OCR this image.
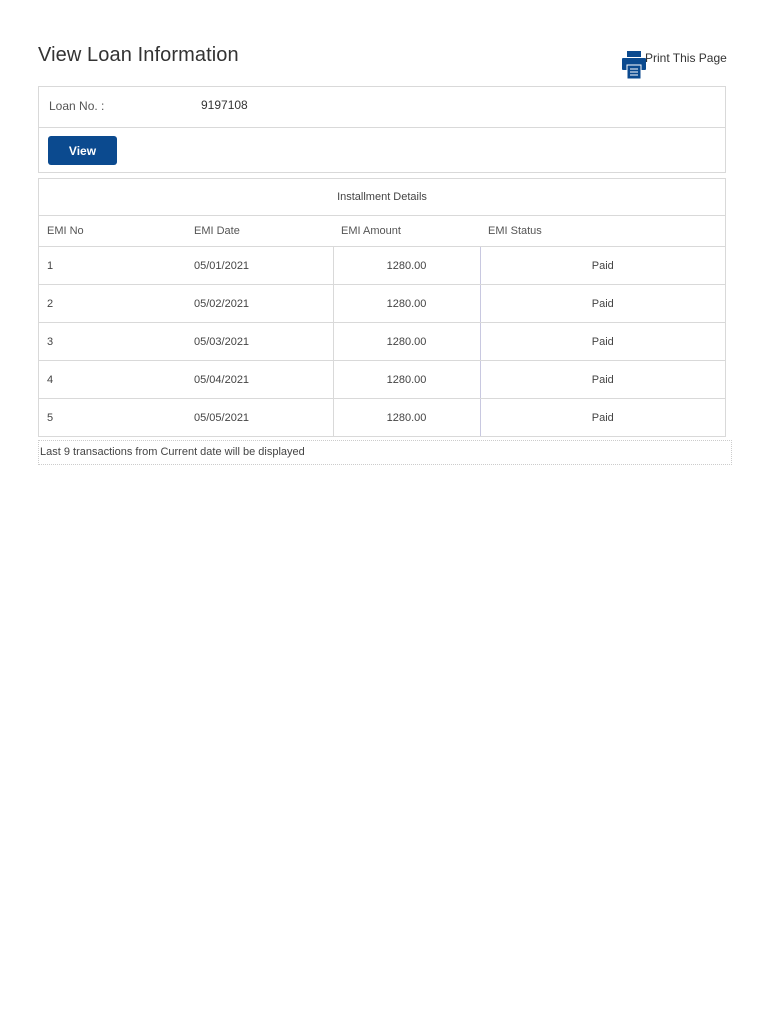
View Loan Information	Print This Page
Loan No. :	9197108
View
Installment Details			
EMI No	EMI Date	EMI Amount	EMI Status
1	05/01/2021	1280.00	Paid
2	05/02/2021	1280.00	Paid
3	05/03/2021	1280.00	Paid
4	05/04/2021	1280.00	Paid
5	05/05/2021	1280.00	Paid
Last 9 transactions from Current date will be displayed
